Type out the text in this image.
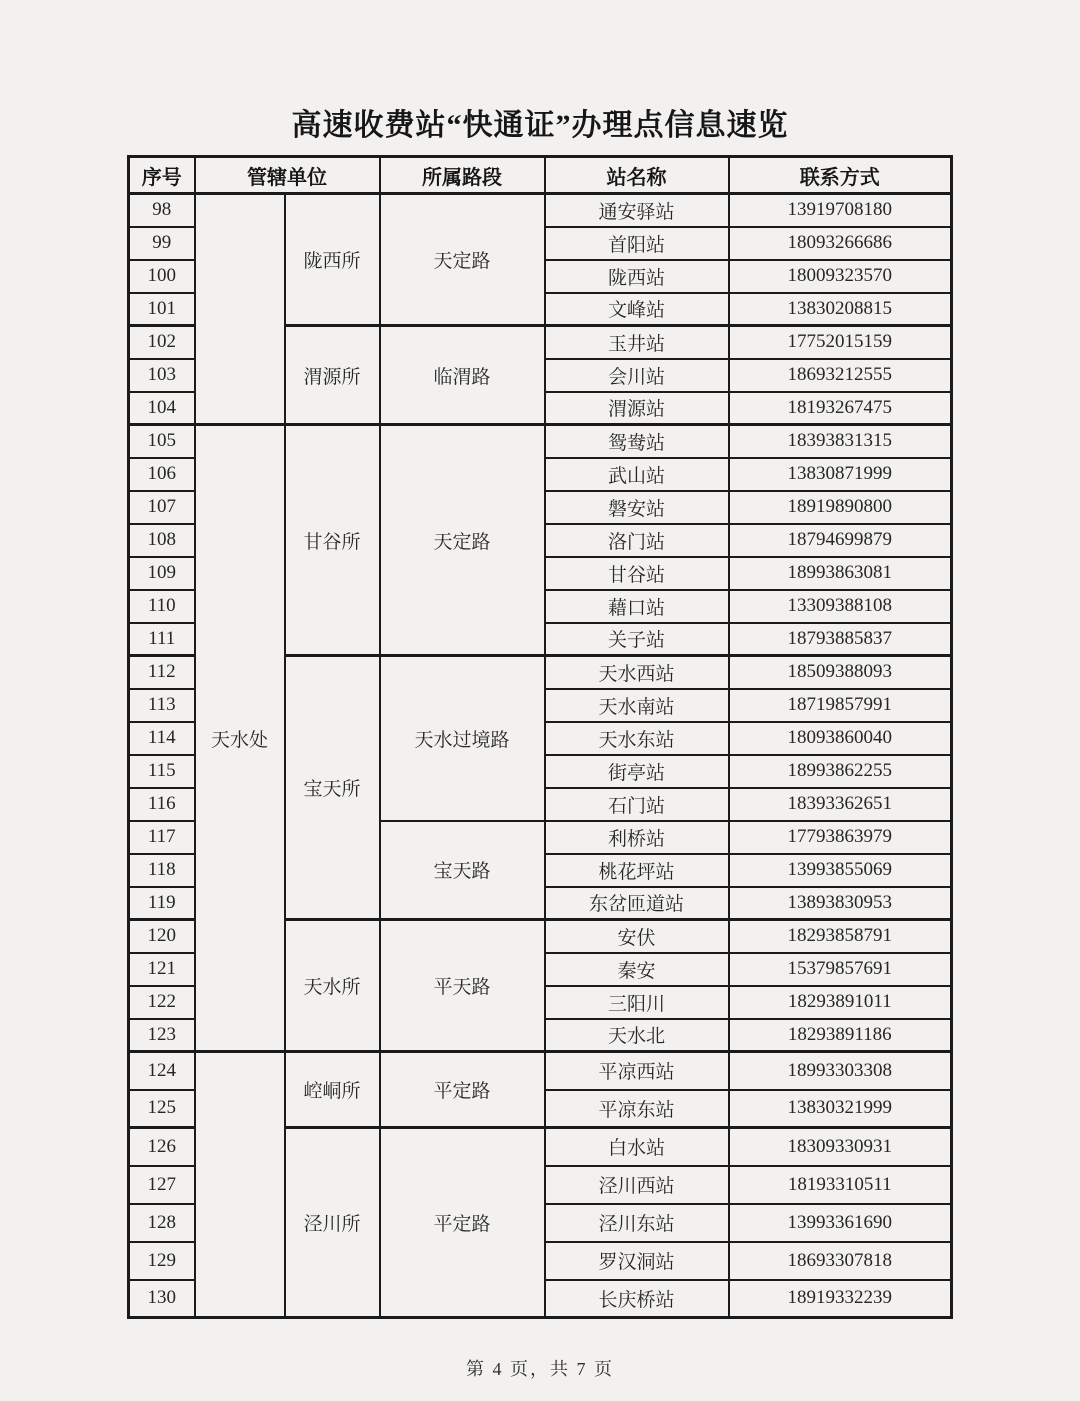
高速收费站“快通证”办理点信息速览
序号	管辖单位		所属路段	站名称	联系方式
98		陇西所	天定路	通安驿站	13919708180
99				首阳站	18093266686
100				陇西站	18009323570
101				文峰站	13830208815
102		渭源所	临渭路	玉井站	17752015159
103				会川站	18693212555
104				渭源站	18193267475
105	天水处	甘谷所	天定路	鸳鸯站	18393831315
106				武山站	13830871999
107				磐安站	18919890800
108				洛门站	18794699879
109				甘谷站	18993863081
110				藉口站	13309388108
111				关子站	18793885837
112		宝天所	天水过境路	天水西站	18509388093
113				天水南站	18719857991
114				天水东站	18093860040
115				街亭站	18993862255
116				石门站	18393362651
117			宝天路	利桥站	17793863979
118				桃花坪站	13993855069
119				东岔匝道站	13893830953
120		天水所	平天路	安伏	18293858791
121				秦安	15379857691
122				三阳川	18293891011
123				天水北	18293891186
124		崆峒所	平定路	平凉西站	18993303308
125				平凉东站	13830321999
126		泾川所	平定路	白水站	18309330931
127				泾川西站	18193310511
128				泾川东站	13993361690
129				罗汉洞站	18693307818
130				长庆桥站	18919332239
第 4 页，共 7 页
